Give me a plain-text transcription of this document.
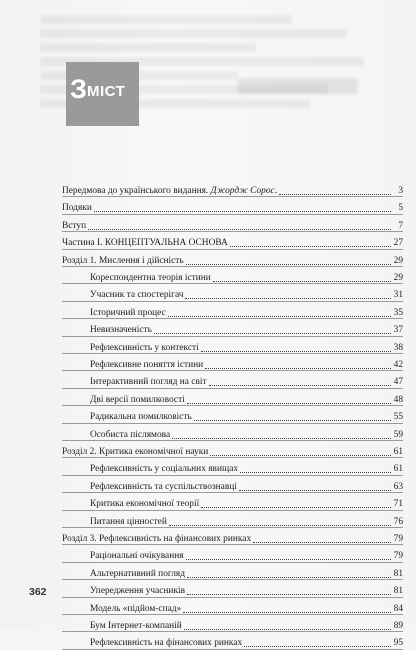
З МІСТ
Передмова до українського видання. Джордж Сорос.	3
Подяки	5
Вступ	7
Частина I. КОНЦЕПТУАЛЬНА ОСНОВА	27
Розділ 1. Мислення і дійсність	29
Кореспондентна теорія істини	29
Учасник та спостерігач	31
Історичний процес	35
Невизначеність	37
Рефлексивність у контексті	38
Рефлексивне поняття істини	42
Інтерактивний погляд на світ	47
Дві версії помилковості	48
Радикальна помилковість	55
Особиста післямова	59
Розділ 2. Критика економічної науки	61
Рефлексивність у соціальних явищах	61
Рефлексивність та суспільствознавці	63
Критика економічної теорії	71
Питання цінностей	76
Розділ 3. Рефлексивність на фінансових ринках	79
Раціональні очікування	79
Альтернативний погляд	81
Упередження учасників	81
Модель «підйом-спад»	84
Бум Інтернет-компаній	89
Рефлексивність на фінансових ринках	95
362
